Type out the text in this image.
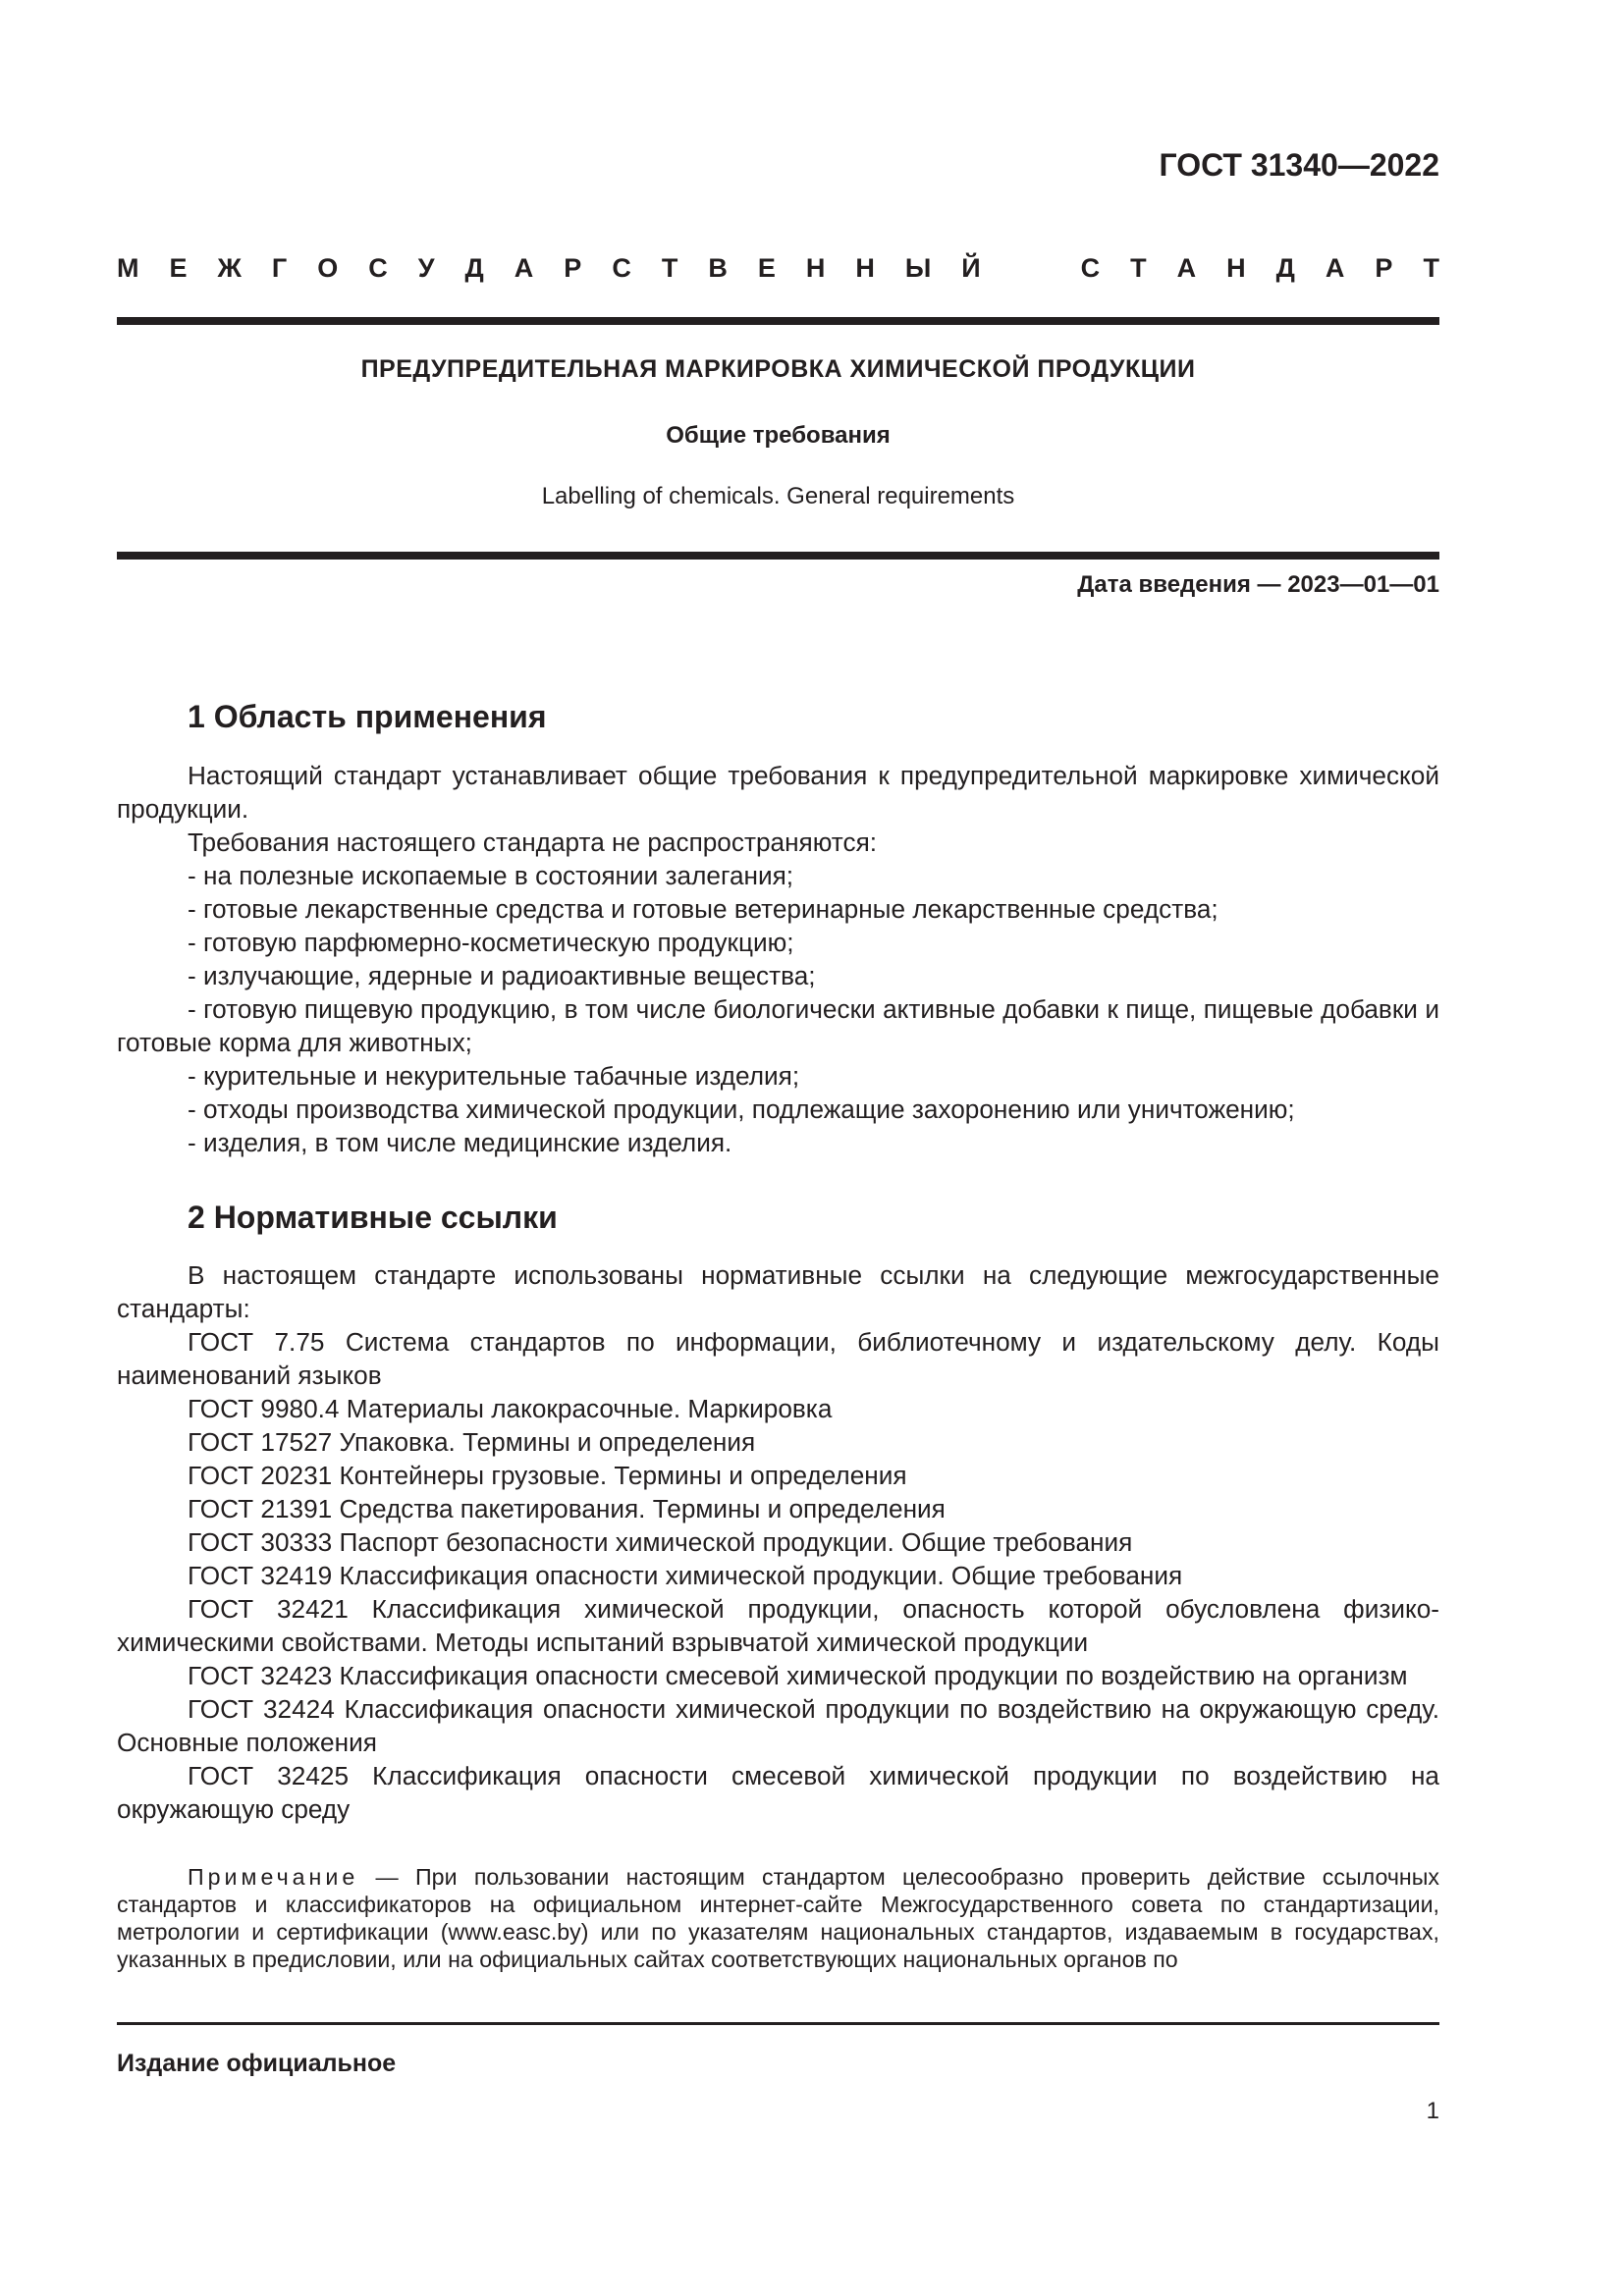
ГОСТ 31340—2022
М Е Ж Г О С У Д А Р С Т В Е Н Н Ы Й	С Т А Н Д А Р Т
ПРЕДУПРЕДИТЕЛЬНАЯ МАРКИРОВКА ХИМИЧЕСКОЙ ПРОДУКЦИИ
Общие требования
Labelling of chemicals. General requirements
Дата введения — 2023—01—01
1 Область применения

Настоящий стандарт устанавливает общие требования к предупредительной маркировке химической продукции.

Требования настоящего стандарта не распространяются:

- на полезные ископаемые в состоянии залегания;

- готовые лекарственные средства и готовые ветеринарные лекарственные средства;

- готовую парфюмерно-косметическую продукцию;

- излучающие, ядерные и радиоактивные вещества;

- готовую пищевую продукцию, в том числе биологически активные добавки к пище, пищевые добавки и готовые корма для животных;

- курительные и некурительные табачные изделия;

- отходы производства химической продукции, подлежащие захоронению или уничтожению;

- изделия, в том числе медицинские изделия.

2 Нормативные ссылки

В настоящем стандарте использованы нормативные ссылки на следующие межгосударственные стандарты:

ГОСТ 7.75 Система стандартов по информации, библиотечному и издательскому делу. Коды наименований языков

ГОСТ 9980.4 Материалы лакокрасочные. Маркировка

ГОСТ 17527 Упаковка. Термины и определения

ГОСТ 20231 Контейнеры грузовые. Термины и определения

ГОСТ 21391 Средства пакетирования. Термины и определения

ГОСТ 30333 Паспорт безопасности химической продукции. Общие требования

ГОСТ 32419 Классификация опасности химической продукции. Общие требования

ГОСТ 32421 Классификация химической продукции, опасность которой обусловлена физико-химическими свойствами. Методы испытаний взрывчатой химической продукции

ГОСТ 32423 Классификация опасности смесевой химической продукции по воздействию на организм

ГОСТ 32424 Классификация опасности химической продукции по воздействию на окружающую среду. Основные положения

ГОСТ 32425 Классификация опасности смесевой химической продукции по воздействию на окружающую среду

Примечание — При пользовании настоящим стандартом целесообразно проверить действие ссылочных стандартов и классификаторов на официальном интернет-сайте Межгосударственного совета по стандартизации, метрологии и сертификации (www.easc.by) или по указателям национальных стандартов, издаваемым в государствах, указанных в предисловии, или на официальных сайтах соответствующих национальных органов по

Издание официальное
1
